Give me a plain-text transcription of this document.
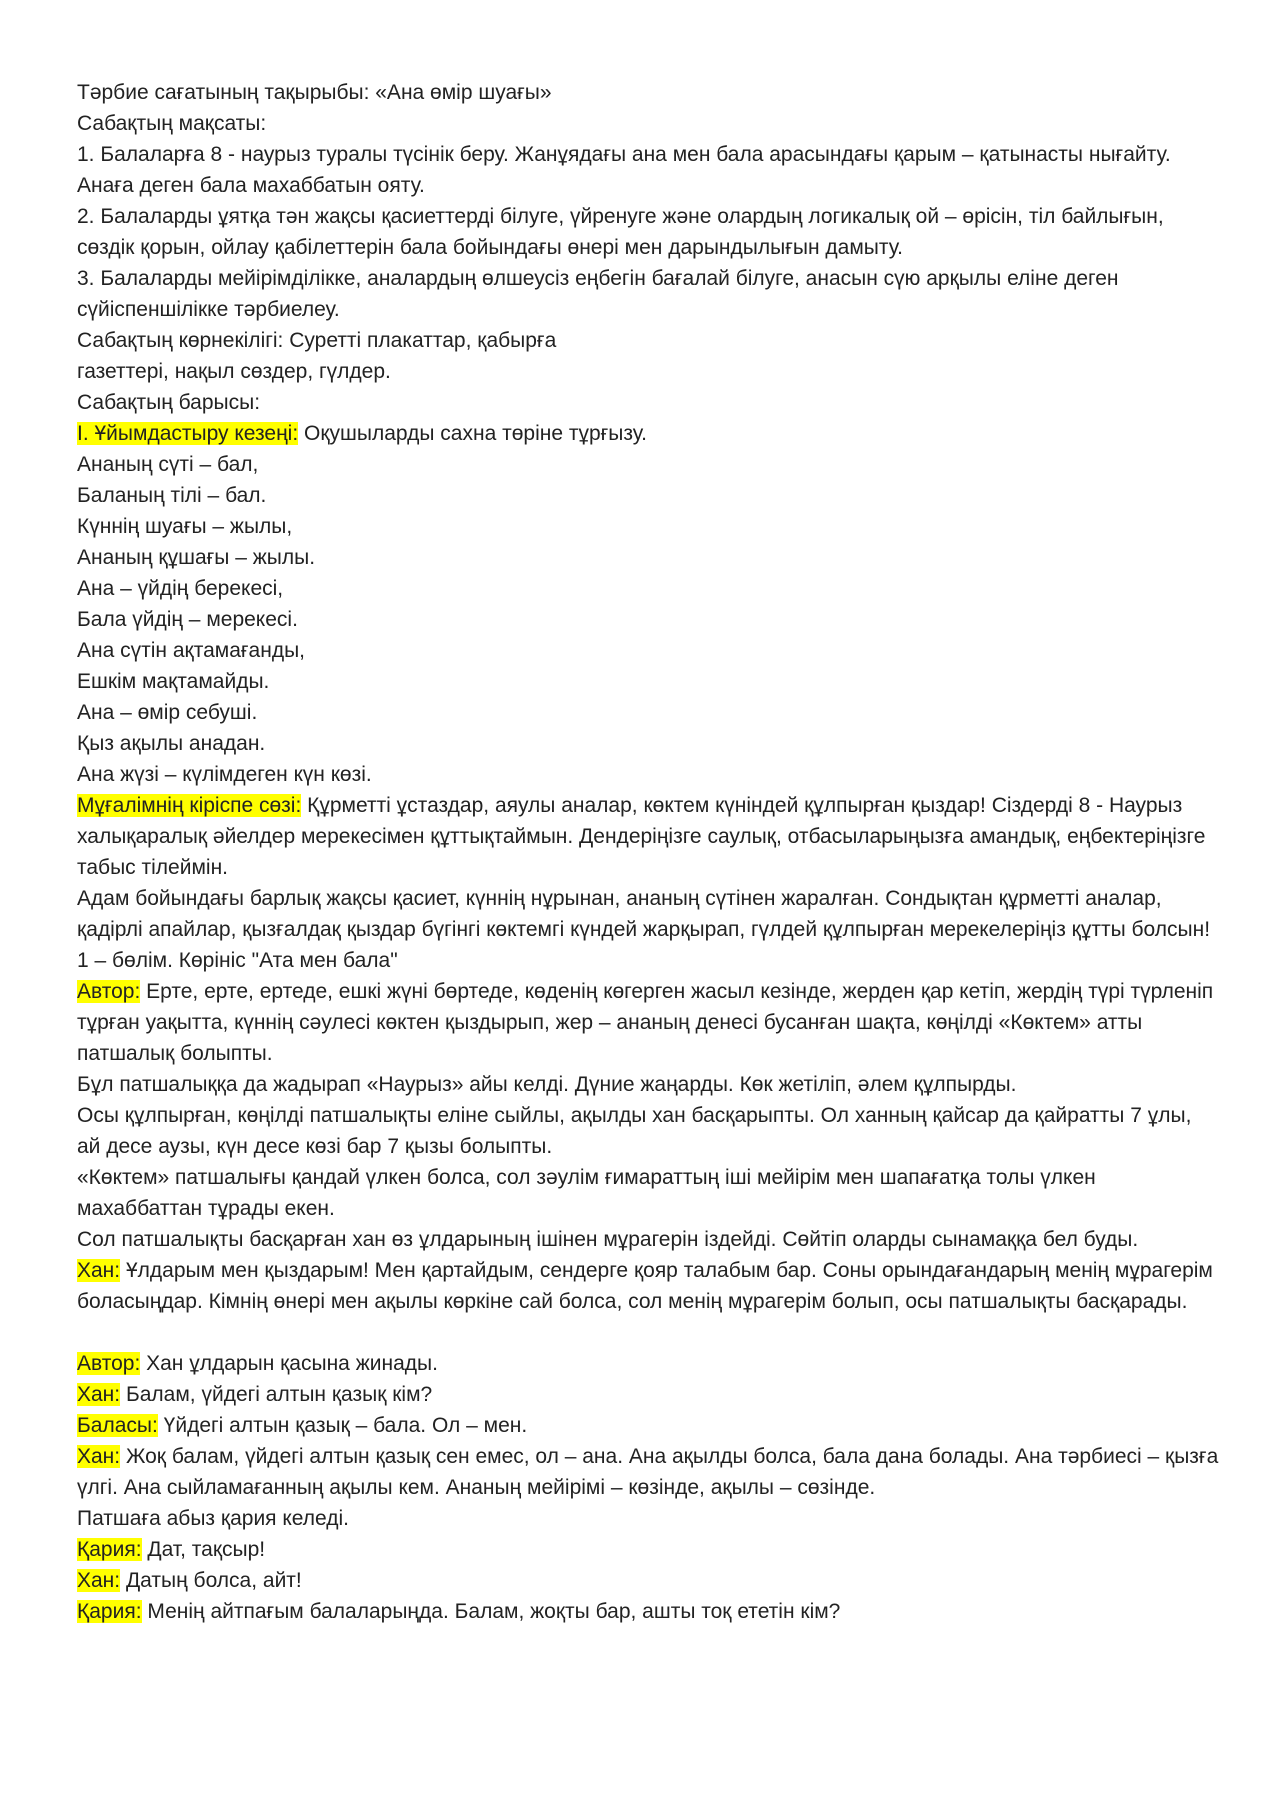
Тәрбие сағатының тақырыбы: «Ана өмір шуағы»
Сабақтың мақсаты:
1. Балаларға 8 - наурыз туралы түсінік беру. Жанұядағы ана мен бала арасындағы қарым – қатынасты нығайту. Анаға деген бала махаббатын ояту.
2. Балаларды ұятқа тән жақсы қасиеттерді білуге, үйренуге және олардың логикалық ой – өрісін, тіл байлығын, сөздік қорын, ойлау қабілеттерін бала бойындағы өнері мен дарындылығын дамыту.
3. Балаларды мейірімділікке, аналардың өлшеусіз еңбегін бағалай білуге, анасын сүю арқылы еліне деген сүйіспеншілікке тәрбиелеу.
Сабақтың көрнекілігі: Суретті плакаттар, қабырға
газеттері, нақыл сөздер, гүлдер.
Сабақтың барысы:
І. Ұйымдастыру кезеңі: Оқушыларды сахна төріне тұрғызу.
Ананың сүті – бал,
Баланың тілі – бал.
Күннің шуағы – жылы,
Ананың құшағы – жылы.
Ана – үйдің берекесі,
Бала үйдің – мерекесі.
Ана сүтін ақтамағанды,
Ешкім мақтамайды.
Ана – өмір себуші.
Қыз ақылы анадан.
Ана жүзі – күлімдеген күн көзі.
Мұғалімнің кіріспе сөзі: Құрметті ұстаздар, аяулы аналар, көктем күніндей құлпырған қыздар! Сіздерді 8 - Наурыз халықаралық әйелдер мерекесімен құттықтаймын. Дендеріңізге саулық, отбасыларыңызға амандық, еңбектеріңізге табыс тілеймін.
Адам бойындағы барлық жақсы қасиет, күннің нұрынан, ананың сүтінен жаралған. Сондықтан құрметті аналар, қадірлі апайлар, қызғалдақ қыздар бүгінгі көктемгі күндей жарқырап, гүлдей құлпырған мерекелеріңіз құтты болсын!
1 – бөлім. Көрініс "Ата мен бала"
Автор: Ерте, ерте, ертеде, ешкі жүні бөртеде, көденің көгерген жасыл кезінде, жерден қар кетіп, жердің түрі түрленіп тұрған уақытта, күннің сәулесі көктен қыздырып, жер – ананың денесі бусанған шақта, көңілді «Көктем» атты патшалық болыпты.
Бұл патшалыққа да жадырап «Наурыз» айы келді. Дүние жаңарды. Көк жетіліп, әлем құлпырды.
Осы құлпырған, көңілді патшалықты еліне сыйлы, ақылды хан басқарыпты. Ол ханның қайсар да қайратты 7 ұлы, ай десе аузы, күн десе көзі бар 7 қызы болыпты.
«Көктем» патшалығы қандай үлкен болса, сол зәулім ғимараттың іші мейірім мен шапағатқа толы үлкен махаббаттан тұрады екен.
Сол патшалықты басқарған хан өз ұлдарының ішінен мұрагерін іздейді. Сөйтіп оларды сынамаққа бел буды.
Хан: Ұлдарым мен қыздарым! Мен қартайдым, сендерге қояр талабым бар. Соны орындағандарың менің мұрагерім боласыңдар. Кімнің өнері мен ақылы көркіне сай болса, сол менің мұрагерім болып, осы патшалықты басқарады.
Автор: Хан ұлдарын қасына жинады.
Хан: Балам, үйдегі алтын қазық кім?
Баласы: Үйдегі алтын қазық – бала. Ол – мен.
Хан: Жоқ балам, үйдегі алтын қазық сен емес, ол – ана. Ана ақылды болса, бала дана болады. Ана тәрбиесі – қызға үлгі. Ана сыйламағанның ақылы кем. Ананың мейірімі – көзінде, ақылы – сөзінде.
Патшаға абыз қария келеді.
Қария: Дат, тақсыр!
Хан: Датың болса, айт!
Қария: Менің айтпағым балаларыңда. Балам, жоқты бар, ашты тоқ ететін кім?
